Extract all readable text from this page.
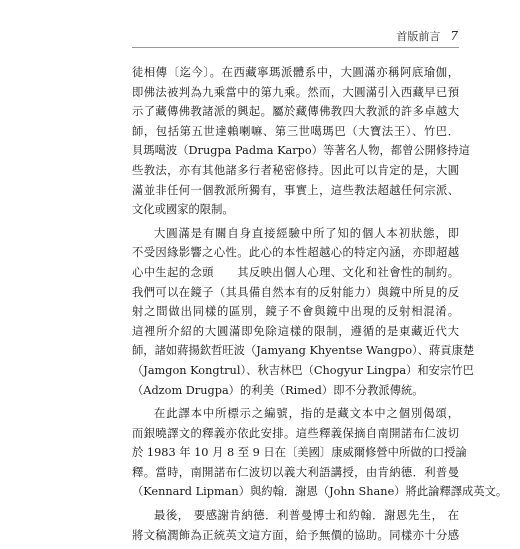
首版前言 7
徒相傳〔迄今〕。在西藏寧瑪派體系中，大圓滿亦稱阿底瑜伽，
即佛法被判為九乘當中的第九乘。然而，大圓滿引入西藏早已預
示了藏傳佛教諸派的興起。屬於藏傳佛教四大教派的許多卓越大
師，包括第五世達賴喇嘛、第三世噶瑪巴（大寶法王）、竹巴．
貝瑪噶波（Drugpa Padma Karpo）等著名人物，都曾公開修持這
些教法，亦有其他諸多行者秘密修持。因此可以肯定的是，大圓
滿並非任何一個教派所獨有，事實上，這些教法超越任何宗派、
文化或國家的限制。
大圓滿是有關自身直接經驗中所了知的個人本初狀態，即
不受因緣影響之心性。此心的本性超越心的特定內涵，亦即超越
心中生起的念頭　　其反映出個人心理、文化和社會性的制約。
我們可以在鏡子（其具備自然本有的反射能力）與鏡中所見的反
射之間做出同樣的區別，鏡子不會與鏡中出現的反射相混淆。
這裡所介紹的大圓滿即免除這樣的限制，遵循的是東藏近代大
師，諸如蔣揚欽哲旺波（Jamyang Khyentse Wangpo）、蔣貢康楚
（Jamgon Kongtrul）、秋吉林巴（Chogyur Lingpa）和安宗竹巴
（Adzom Drugpa）的利美（Rimed）即不分教派傳統。
在此譯本中所標示之編號，指的是藏文本中之個別偈頌，
而銀曉譯文的釋義亦依此安排。這些釋義保摘自南開諾布仁波切
於 1983 年 10 月 8 至 9 日在〔美國〕康威爾修營中所做的口授論
釋。當時，南開諾布仁波切以義大利語講授，由肯納德．利普曼
（Kennard Lipman）與約翰．謝恩（John Shane）將此論釋譯成英文。
最後， 要感謝肯納德．利普曼博士和約翰．謝恩先生， 在
將文稿潤飾為正統英文這方面，給予無價的協助。同樣亦十分感
